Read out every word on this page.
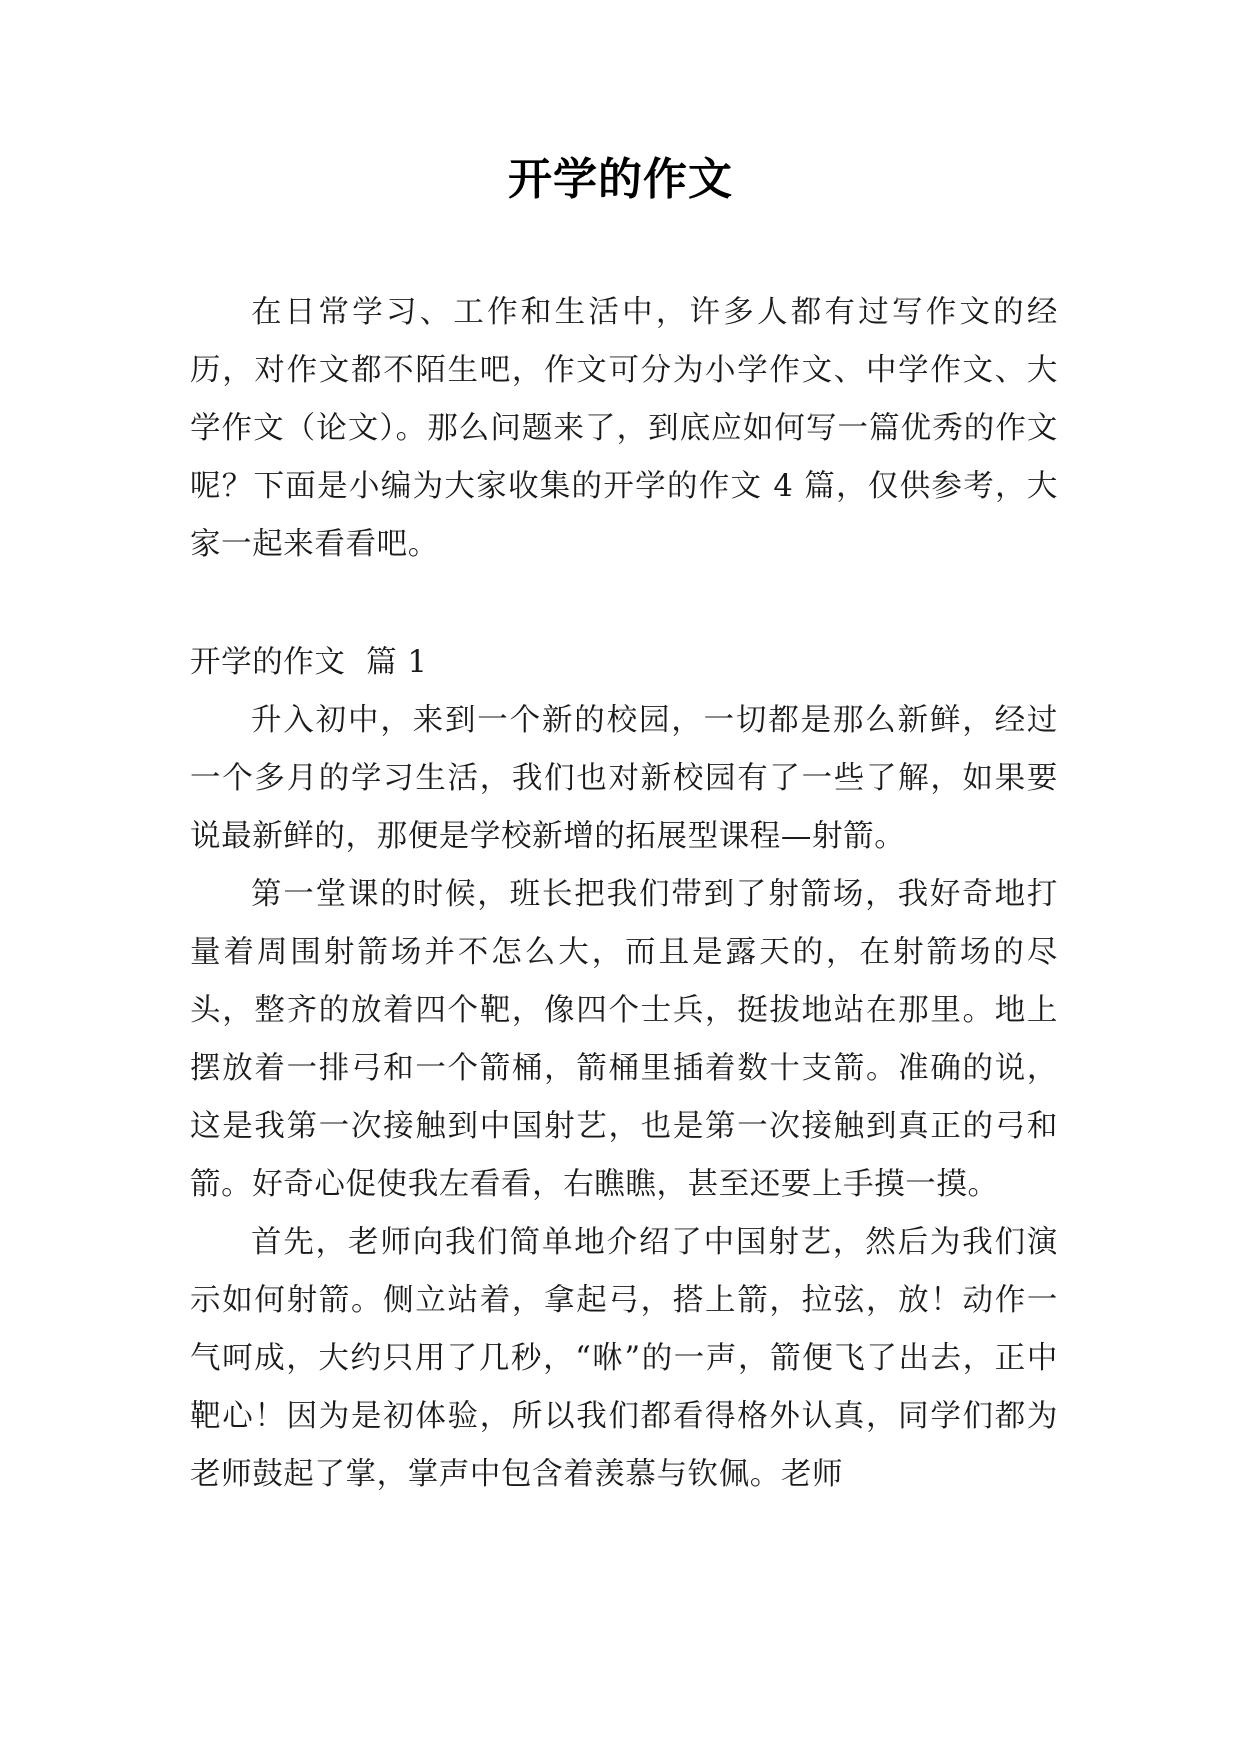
开学的作文

在日常学习、工作和生活中，许多人都有过写作文的经历，对作文都不陌生吧，作文可分为小学作文、中学作文、大学作文（论文）。那么问题来了，到底应如何写一篇优秀的作文呢？下面是小编为大家收集的开学的作文 4 篇，仅供参考，大家一起来看看吧。

开学的作文  篇 1

升入初中，来到一个新的校园，一切都是那么新鲜，经过一个多月的学习生活，我们也对新校园有了一些了解，如果要说最新鲜的，那便是学校新增的拓展型课程—射箭。

第一堂课的时候，班长把我们带到了射箭场，我好奇地打量着周围射箭场并不怎么大，而且是露天的，在射箭场的尽头，整齐的放着四个靶，像四个士兵，挺拔地站在那里。地上摆放着一排弓和一个箭桶，箭桶里插着数十支箭。准确的说，这是我第一次接触到中国射艺，也是第一次接触到真正的弓和箭。好奇心促使我左看看，右瞧瞧，甚至还要上手摸一摸。

首先，老师向我们简单地介绍了中国射艺，然后为我们演示如何射箭。侧立站着，拿起弓，搭上箭，拉弦，放！动作一气呵成，大约只用了几秒，“咻”的一声，箭便飞了出去，正中靶心！因为是初体验，所以我们都看得格外认真，同学们都为老师鼓起了掌，掌声中包含着羡慕与钦佩。老师
